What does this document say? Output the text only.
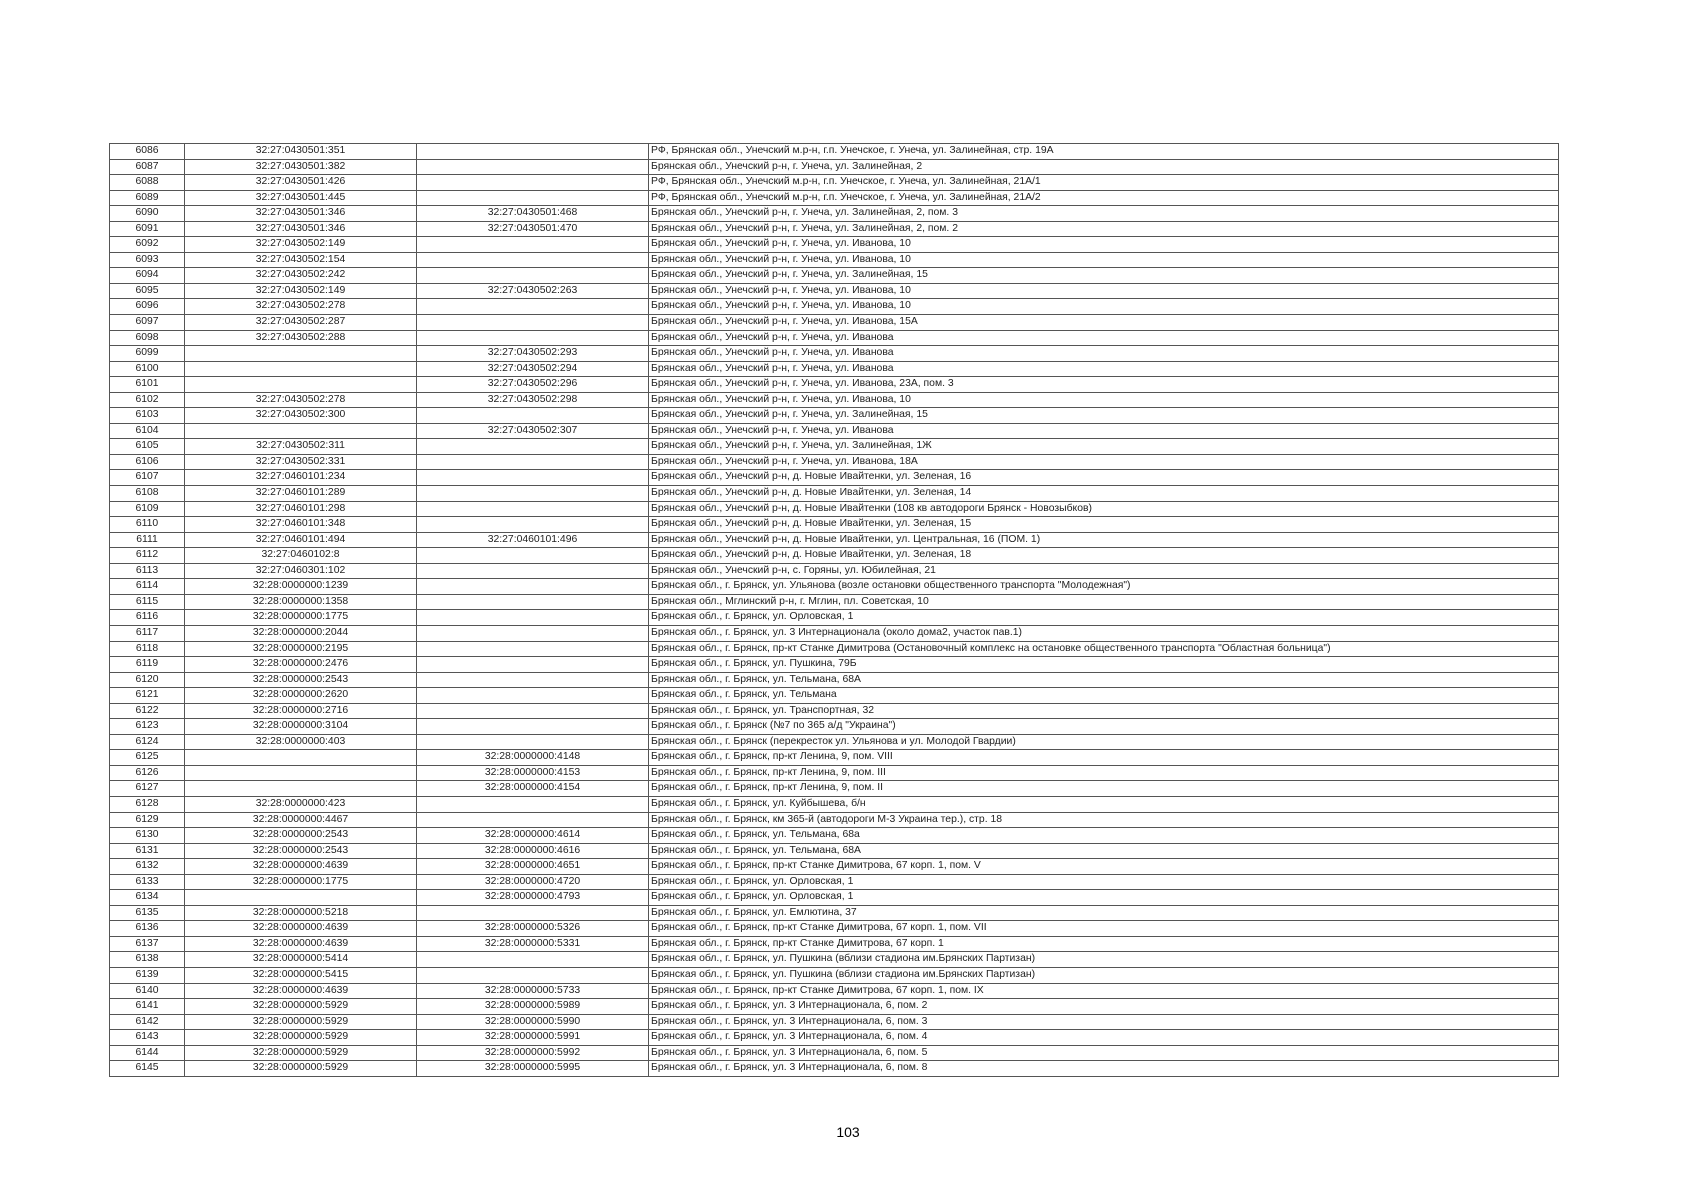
6086	32:27:0430501:351		РФ, Брянская обл., Унечский м.р-н, г.п. Унечское, г. Унеча, ул. Залинейная, стр. 19А
6087	32:27:0430501:382		Брянская обл., Унечский р-н, г. Унеча, ул. Залинейная, 2
6088	32:27:0430501:426		РФ, Брянская обл., Унечский м.р-н, г.п. Унечское, г. Унеча, ул. Залинейная, 21А/1
6089	32:27:0430501:445		РФ, Брянская обл., Унечский м.р-н, г.п. Унечское, г. Унеча, ул. Залинейная, 21А/2
6090	32:27:0430501:346	32:27:0430501:468	Брянская обл., Унечский р-н, г. Унеча, ул. Залинейная, 2, пом. 3
6091	32:27:0430501:346	32:27:0430501:470	Брянская обл., Унечский р-н, г. Унеча, ул. Залинейная, 2, пом. 2
6092	32:27:0430502:149		Брянская обл., Унечский р-н, г. Унеча, ул. Иванова, 10
6093	32:27:0430502:154		Брянская обл., Унечский р-н, г. Унеча, ул. Иванова, 10
6094	32:27:0430502:242		Брянская обл., Унечский р-н, г. Унеча, ул. Залинейная, 15
6095	32:27:0430502:149	32:27:0430502:263	Брянская обл., Унечский р-н, г. Унеча, ул. Иванова, 10
6096	32:27:0430502:278		Брянская обл., Унечский р-н, г. Унеча, ул. Иванова, 10
6097	32:27:0430502:287		Брянская обл., Унечский р-н, г. Унеча, ул. Иванова, 15А
6098	32:27:0430502:288		Брянская обл., Унечский р-н, г. Унеча, ул. Иванова
6099		32:27:0430502:293	Брянская обл., Унечский р-н, г. Унеча, ул. Иванова
6100		32:27:0430502:294	Брянская обл., Унечский р-н, г. Унеча, ул. Иванова
6101		32:27:0430502:296	Брянская обл., Унечский р-н, г. Унеча, ул. Иванова, 23А, пом. 3
6102	32:27:0430502:278	32:27:0430502:298	Брянская обл., Унечский р-н, г. Унеча, ул. Иванова, 10
6103	32:27:0430502:300		Брянская обл., Унечский р-н, г. Унеча, ул. Залинейная, 15
6104		32:27:0430502:307	Брянская обл., Унечский р-н, г. Унеча, ул. Иванова
6105	32:27:0430502:311		Брянская обл., Унечский р-н, г. Унеча, ул. Залинейная, 1Ж
6106	32:27:0430502:331		Брянская обл., Унечский р-н, г. Унеча, ул. Иванова, 18А
6107	32:27:0460101:234		Брянская обл., Унечский р-н, д. Новые Ивайтенки, ул. Зеленая, 16
6108	32:27:0460101:289		Брянская обл., Унечский р-н, д. Новые Ивайтенки, ул. Зеленая, 14
6109	32:27:0460101:298		Брянская обл., Унечский р-н, д. Новые Ивайтенки (108 кв автодороги Брянск - Новозыбков)
6110	32:27:0460101:348		Брянская обл., Унечский р-н, д. Новые Ивайтенки, ул. Зеленая, 15
6111	32:27:0460101:494	32:27:0460101:496	Брянская обл., Унечский р-н, д. Новые Ивайтенки, ул. Центральная, 16 (ПОМ. 1)
6112	32:27:0460102:8		Брянская обл., Унечский р-н, д. Новые Ивайтенки, ул. Зеленая, 18
6113	32:27:0460301:102		Брянская обл., Унечский р-н, с. Горяны, ул. Юбилейная, 21
6114	32:28:0000000:1239		Брянская обл., г. Брянск, ул. Ульянова (возле остановки общественного транспорта "Молодежная")
6115	32:28:0000000:1358		Брянская обл., Мглинский р-н, г. Мглин, пл. Советская, 10
6116	32:28:0000000:1775		Брянская обл., г. Брянск, ул. Орловская, 1
6117	32:28:0000000:2044		Брянская обл., г. Брянск, ул. 3 Интернационала (около дома2, участок пав.1)
6118	32:28:0000000:2195		Брянская обл., г. Брянск, пр-кт Станке Димитрова (Остановочный комплекс на остановке общественного транспорта "Областная больница")
6119	32:28:0000000:2476		Брянская обл., г. Брянск, ул. Пушкина, 79Б
6120	32:28:0000000:2543		Брянская обл., г. Брянск, ул. Тельмана, 68А
6121	32:28:0000000:2620		Брянская обл., г. Брянск, ул. Тельмана
6122	32:28:0000000:2716		Брянская обл., г. Брянск, ул. Транспортная, 32
6123	32:28:0000000:3104		Брянская обл., г. Брянск (№7 по 365 а/д "Украина")
6124	32:28:0000000:403		Брянская обл., г. Брянск (перекресток ул. Ульянова и ул. Молодой Гвардии)
6125		32:28:0000000:4148	Брянская обл., г. Брянск, пр-кт Ленина, 9, пом. VIII
6126		32:28:0000000:4153	Брянская обл., г. Брянск, пр-кт Ленина, 9, пом. III
6127		32:28:0000000:4154	Брянская обл., г. Брянск, пр-кт Ленина, 9, пом. II
6128	32:28:0000000:423		Брянская обл., г. Брянск, ул. Куйбышева, б/н
6129	32:28:0000000:4467		Брянская обл., г. Брянск, км 365-й (автодороги М-3 Украина тер.), стр. 18
6130	32:28:0000000:2543	32:28:0000000:4614	Брянская обл., г. Брянск, ул. Тельмана, 68а
6131	32:28:0000000:2543	32:28:0000000:4616	Брянская обл., г. Брянск, ул. Тельмана, 68А
6132	32:28:0000000:4639	32:28:0000000:4651	Брянская обл., г. Брянск, пр-кт Станке Димитрова, 67 корп. 1, пом. V
6133	32:28:0000000:1775	32:28:0000000:4720	Брянская обл., г. Брянск, ул. Орловская, 1
6134		32:28:0000000:4793	Брянская обл., г. Брянск, ул. Орловская, 1
6135	32:28:0000000:5218		Брянская обл., г. Брянск, ул. Емлютина, 37
6136	32:28:0000000:4639	32:28:0000000:5326	Брянская обл., г. Брянск, пр-кт Станке Димитрова, 67 корп. 1, пом. VII
6137	32:28:0000000:4639	32:28:0000000:5331	Брянская обл., г. Брянск, пр-кт Станке Димитрова, 67 корп. 1
6138	32:28:0000000:5414		Брянская обл., г. Брянск, ул. Пушкина (вблизи стадиона им.Брянских Партизан)
6139	32:28:0000000:5415		Брянская обл., г. Брянск, ул. Пушкина (вблизи стадиона им.Брянских Партизан)
6140	32:28:0000000:4639	32:28:0000000:5733	Брянская обл., г. Брянск, пр-кт Станке Димитрова, 67 корп. 1, пом. IX
6141	32:28:0000000:5929	32:28:0000000:5989	Брянская обл., г. Брянск, ул. 3 Интернационала, 6, пом. 2
6142	32:28:0000000:5929	32:28:0000000:5990	Брянская обл., г. Брянск, ул. 3 Интернационала, 6, пом. 3
6143	32:28:0000000:5929	32:28:0000000:5991	Брянская обл., г. Брянск, ул. 3 Интернационала, 6, пом. 4
6144	32:28:0000000:5929	32:28:0000000:5992	Брянская обл., г. Брянск, ул. 3 Интернационала, 6, пом. 5
6145	32:28:0000000:5929	32:28:0000000:5995	Брянская обл., г. Брянск, ул. 3 Интернационала, 6, пом. 8
103
